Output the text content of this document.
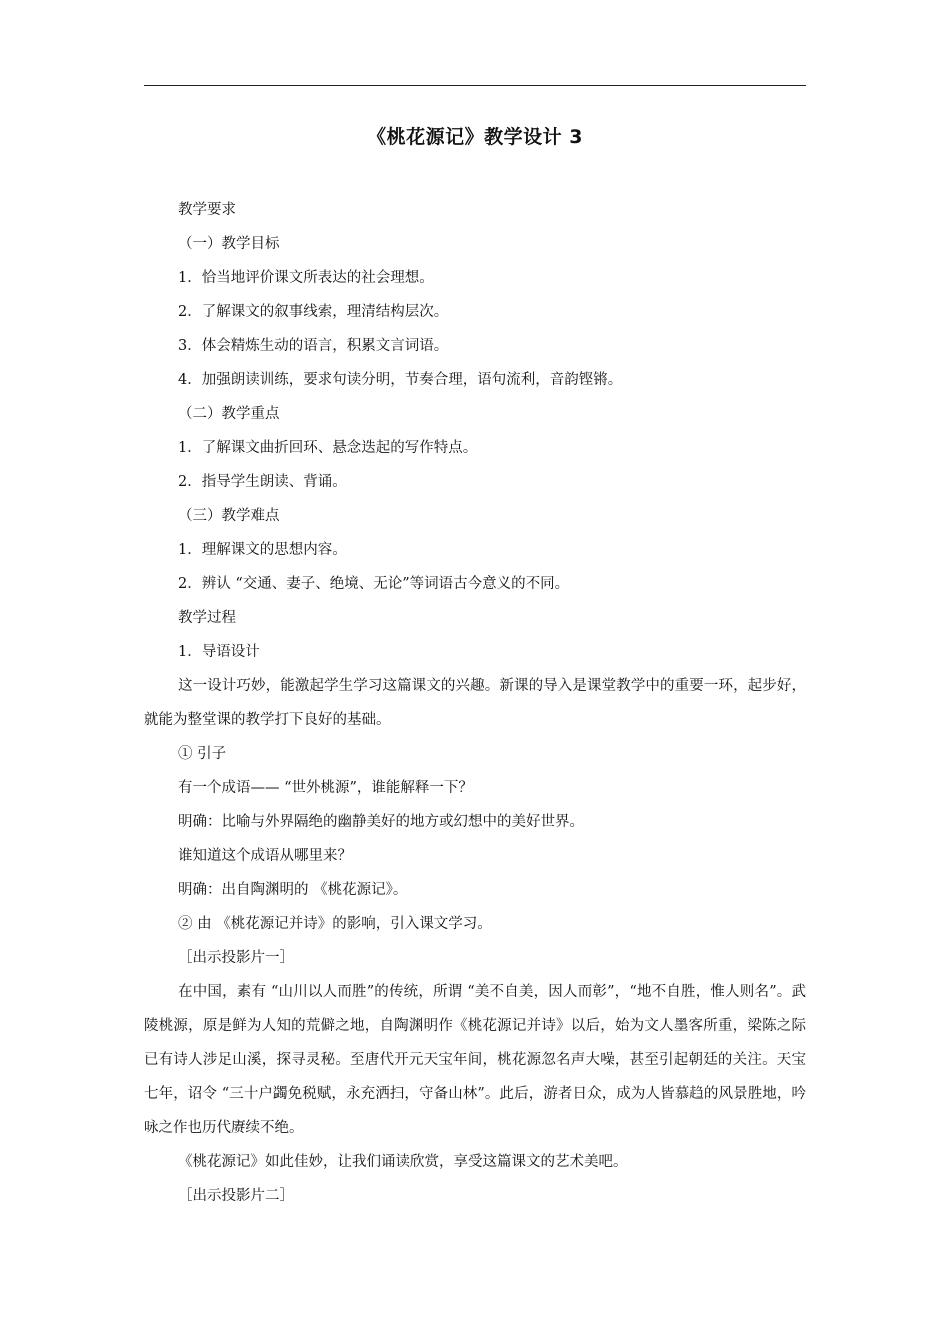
《桃花源记》教学设计 3

教学要求

（一）教学目标

1．恰当地评价课文所表达的社会理想。

2．了解课文的叙事线索，理清结构层次。

3．体会精炼生动的语言，积累文言词语。

4．加强朗读训练，要求句读分明，节奏合理，语句流利，音韵铿锵。

（二）教学重点

1．了解课文曲折回环、悬念迭起的写作特点。

2．指导学生朗读、背诵。

（三）教学难点

1．理解课文的思想内容。

2．辨认 “交通、妻子、绝境、无论”等词语古今意义的不同。

教学过程

1．导语设计

这一设计巧妙，能激起学生学习这篇课文的兴趣。新课的导入是课堂教学中的重要一环，起步好，就能为整堂课的教学打下良好的基础。

① 引子

有一个成语—— “世外桃源”，谁能解释一下？

明确：比喻与外界隔绝的幽静美好的地方或幻想中的美好世界。

谁知道这个成语从哪里来？

明确：出自陶渊明的 《桃花源记》。

② 由 《桃花源记并诗》的影响，引入课文学习。

［出示投影片一］

在中国，素有 “山川以人而胜”的传统，所谓 “美不自美，因人而彰”，“地不自胜，惟人则名”。武陵桃源，原是鲜为人知的荒僻之地，自陶渊明作《桃花源记并诗》以后，始为文人墨客所重，梁陈之际已有诗人涉足山溪，探寻灵秘。至唐代开元天宝年间，桃花源忽名声大噪，甚至引起朝廷的关注。天宝七年，诏令 “三十户蠲免税赋，永充洒扫，守备山林”。此后，游者日众，成为人皆慕趋的风景胜地，吟咏之作也历代赓续不绝。

《桃花源记》如此佳妙，让我们诵读欣赏，享受这篇课文的艺术美吧。

［出示投影片二］
